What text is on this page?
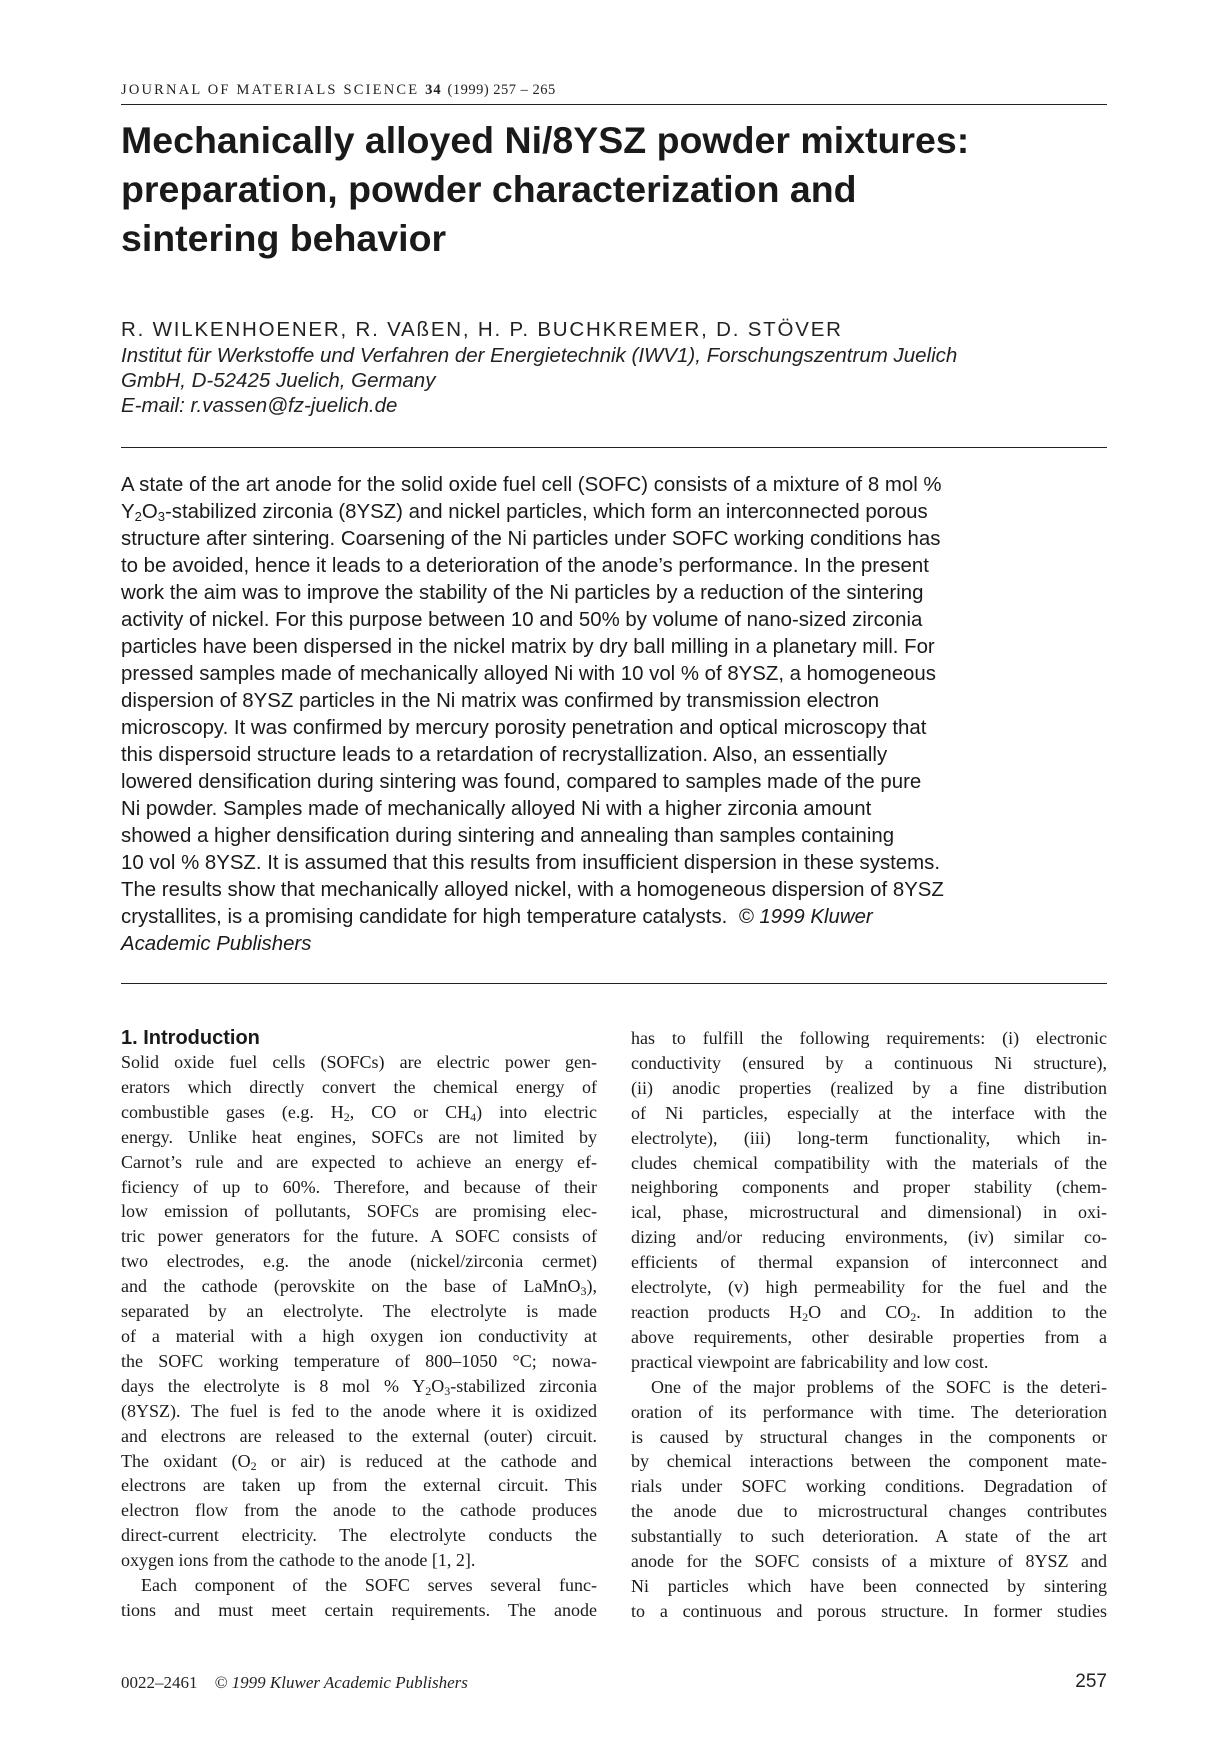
JOURNAL OF MATERIALS SCIENCE 34 (1999) 257 – 265
Mechanically alloyed Ni/8YSZ powder mixtures:
preparation, powder characterization and
sintering behavior
R. WILKENHOENER, R. VAßEN, H. P. BUCHKREMER, D. STÖVER
Institut für Werkstoffe und Verfahren der Energietechnik (IWV1), Forschungszentrum Juelich
GmbH, D-52425 Juelich, Germany
E-mail: r.vassen@fz-juelich.de
A state of the art anode for the solid oxide fuel cell (SOFC) consists of a mixture of 8 mol %
$Y_2O_3$-stabilized zirconia (8YSZ) and nickel particles, which form an interconnected porous
structure after sintering. Coarsening of the Ni particles under SOFC working conditions has
to be avoided, hence it leads to a deterioration of the anode’s performance. In the present
work the aim was to improve the stability of the Ni particles by a reduction of the sintering
activity of nickel. For this purpose between 10 and 50% by volume of nano-sized zirconia
particles have been dispersed in the nickel matrix by dry ball milling in a planetary mill. For
pressed samples made of mechanically alloyed Ni with 10 vol % of 8YSZ, a homogeneous
dispersion of 8YSZ particles in the Ni matrix was confirmed by transmission electron
microscopy. It was confirmed by mercury porosity penetration and optical microscopy that
this dispersoid structure leads to a retardation of recrystallization. Also, an essentially
lowered densification during sintering was found, compared to samples made of the pure
Ni powder. Samples made of mechanically alloyed Ni with a higher zirconia amount
showed a higher densification during sintering and annealing than samples containing
10 vol % 8YSZ. It is assumed that this results from insufficient dispersion in these systems.
The results show that mechanically alloyed nickel, with a homogeneous dispersion of 8YSZ
crystallites, is a promising candidate for high temperature catalysts. © 1999 Kluwer
Academic Publishers
1. Introduction
Solid oxide fuel cells (SOFCs) are electric power gen-
erators which directly convert the chemical energy of
combustible gases (e.g. $H_2$, CO or $CH_4$) into electric
energy. Unlike heat engines, SOFCs are not limited by
Carnot’s rule and are expected to achieve an energy ef-
ficiency of up to 60%. Therefore, and because of their
low emission of pollutants, SOFCs are promising elec-
tric power generators for the future. A SOFC consists of
two electrodes, e.g. the anode (nickel/zirconia cermet)
and the cathode (perovskite on the base of LaMnO$_3$),
separated by an electrolyte. The electrolyte is made
of a material with a high oxygen ion conductivity at
the SOFC working temperature of 800–1050 °C; nowa-
days the electrolyte is 8 mol % $Y_2O_3$-stabilized zirconia
(8YSZ). The fuel is fed to the anode where it is oxidized
and electrons are released to the external (outer) circuit.
The oxidant ($O_2$ or air) is reduced at the cathode and
electrons are taken up from the external circuit. This
electron flow from the anode to the cathode produces
direct-current electricity. The electrolyte conducts the
oxygen ions from the cathode to the anode [1, 2].
Each component of the SOFC serves several func-
tions and must meet certain requirements. The anode
has to fulfill the following requirements: (i) electronic
conductivity (ensured by a continuous Ni structure),
(ii) anodic properties (realized by a fine distribution
of Ni particles, especially at the interface with the
electrolyte), (iii) long-term functionality, which in-
cludes chemical compatibility with the materials of the
neighboring components and proper stability (chem-
ical, phase, microstructural and dimensional) in oxi-
dizing and/or reducing environments, (iv) similar co-
efficients of thermal expansion of interconnect and
electrolyte, (v) high permeability for the fuel and the
reaction products $H_2O$ and $CO_2$. In addition to the
above requirements, other desirable properties from a
practical viewpoint are fabricability and low cost.
One of the major problems of the SOFC is the deteri-
oration of its performance with time. The deterioration
is caused by structural changes in the components or
by chemical interactions between the component mate-
rials under SOFC working conditions. Degradation of
the anode due to microstructural changes contributes
substantially to such deterioration. A state of the art
anode for the SOFC consists of a mixture of 8YSZ and
Ni particles which have been connected by sintering
to a continuous and porous structure. In former studies
0022–2461 © 1999 Kluwer Academic Publishers	257
